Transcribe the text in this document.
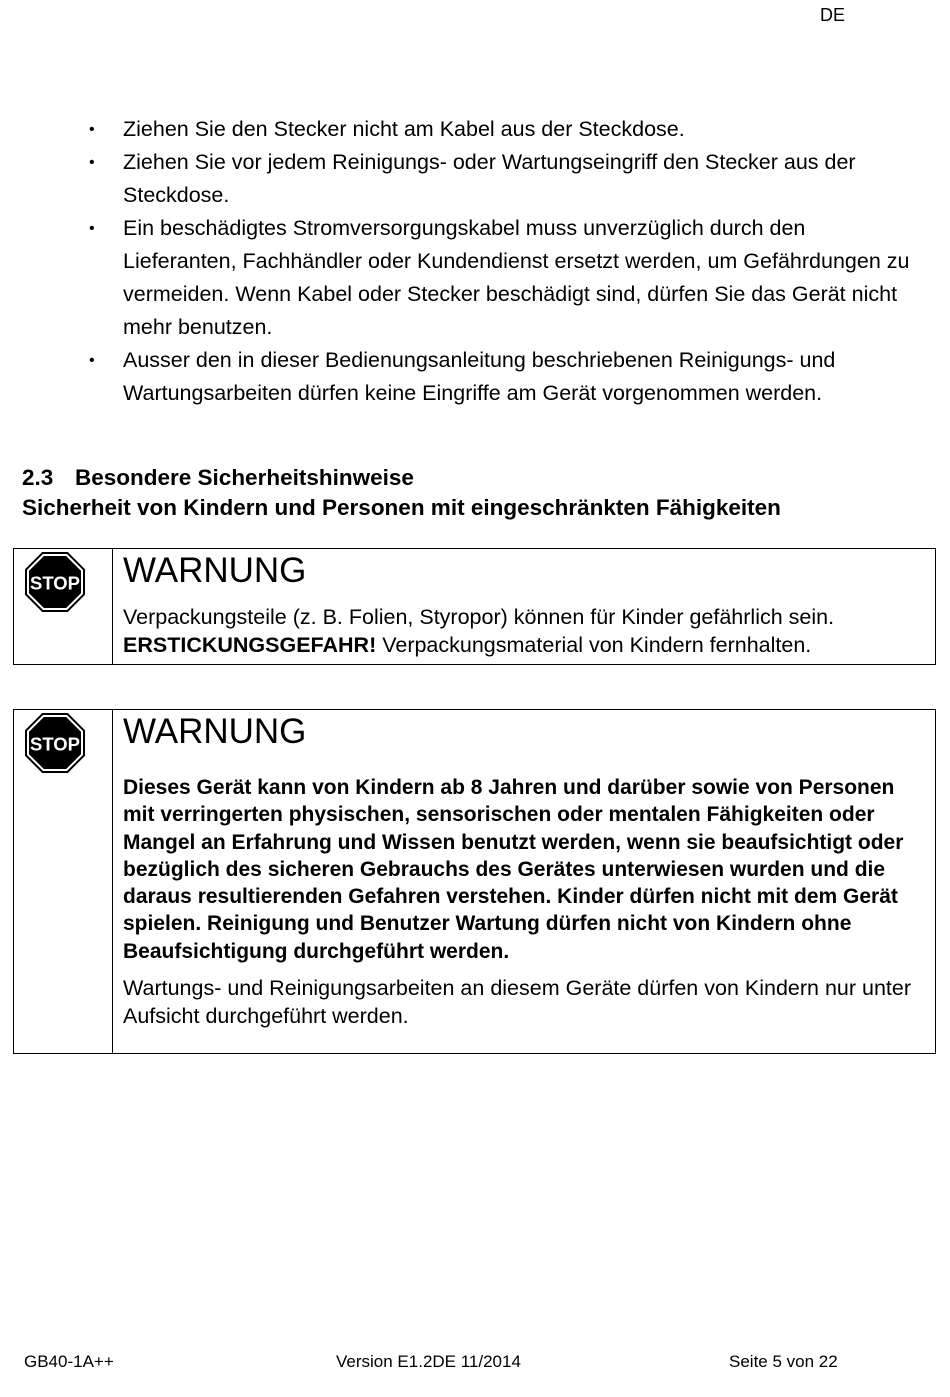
DE
• Ziehen Sie den Stecker nicht am Kabel aus der Steckdose.
• Ziehen Sie vor jedem Reinigungs- oder Wartungseingriff den Stecker aus der Steckdose.
• Ein beschädigtes Stromversorgungskabel muss unverzüglich durch den Lieferanten, Fachhändler oder Kundendienst ersetzt werden, um Gefährdungen zu vermeiden. Wenn Kabel oder Stecker beschädigt sind, dürfen Sie das Gerät nicht mehr benutzen.
• Ausser den in dieser Bedienungsanleitung beschriebenen Reinigungs- und Wartungsarbeiten dürfen keine Eingriffe am Gerät vorgenommen werden.
2.3 Besondere Sicherheitshinweise
Sicherheit von Kindern und Personen mit eingeschränkten Fähigkeiten
STOP WARNUNG
Verpackungsteile (z. B. Folien, Styropor) können für Kinder gefährlich sein.
ERSTICKUNGSGEFAHR! Verpackungsmaterial von Kindern fernhalten.
STOP WARNUNG
Dieses Gerät kann von Kindern ab 8 Jahren und darüber sowie von Personen mit verringerten physischen, sensorischen oder mentalen Fähigkeiten oder Mangel an Erfahrung und Wissen benutzt werden, wenn sie beaufsichtigt oder bezüglich des sicheren Gebrauchs des Gerätes unterwiesen wurden und die daraus resultierenden Gefahren verstehen. Kinder dürfen nicht mit dem Gerät spielen. Reinigung und Benutzer Wartung dürfen nicht von Kindern ohne Beaufsichtigung durchgeführt werden.
Wartungs- und Reinigungsarbeiten an diesem Geräte dürfen von Kindern nur unter Aufsicht durchgeführt werden.
GB40-1A++	Version E1.2DE 11/2014	Seite 5 von 22
